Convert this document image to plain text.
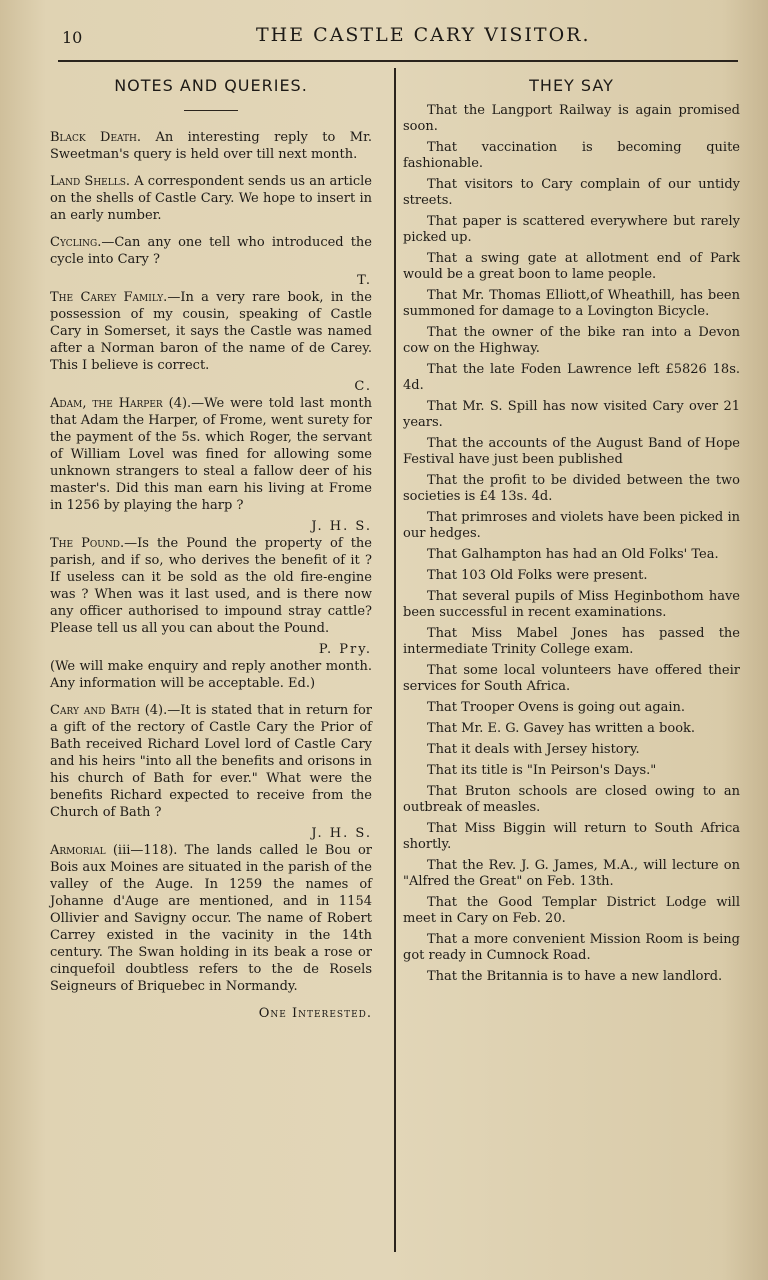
10	THE CASTLE CARY VISITOR.
NOTES AND QUERIES.

Black Death. An interesting reply to Mr. Sweetman's query is held over till next month.

Land Shells. A correspondent sends us an article on the shells of Castle Cary. We hope to insert in an early number.

Cycling.—Can any one tell who introduced the cycle into Cary ?

T.

The Carey Family.—In a very rare book, in the possession of my cousin, speaking of Castle Cary in Somerset, it says the Castle was named after a Norman baron of the name of de Carey. This I believe is correct.

C.

Adam, the Harper (4).—We were told last month that Adam the Harper, of Frome, went surety for the payment of the 5s. which Roger, the servant of William Lovel was fined for allowing some unknown strangers to steal a fallow deer of his master's. Did this man earn his living at Frome in 1256 by playing the harp ?

J. H. S.

The Pound.—Is the Pound the property of the parish, and if so, who derives the benefit of it ? If useless can it be sold as the old fire-engine was ? When was it last used, and is there now any officer authorised to impound stray cattle? Please tell us all you can about the Pound.

P. Pry.

(We will make enquiry and reply another month. Any information will be acceptable. Ed.)

Cary and Bath (4).—It is stated that in return for a gift of the rectory of Castle Cary the Prior of Bath received Richard Lovel lord of Castle Cary and his heirs "into all the benefits and orisons in his church of Bath for ever." What were the benefits Richard expected to receive from the Church of Bath ?

J. H. S.

Armorial (iii—118). The lands called le Bou or Bois aux Moines are situated in the parish of the valley of the Auge. In 1259 the names of Johanne d'Auge are mentioned, and in 1154 Ollivier and Savigny occur. The name of Robert Carrey existed in the vacinity in the 14th century. The Swan holding in its beak a rose or cinquefoil doubtless refers to the de Rosels Seigneurs of Briquebec in Normandy.

One Interested.

THEY SAY

That the Langport Railway is again promised soon.

That vaccination is becoming quite fashionable.

That visitors to Cary complain of our untidy streets.

That paper is scattered everywhere but rarely picked up.

That a swing gate at allotment end of Park would be a great boon to lame people.

That Mr. Thomas Elliott,of Wheathill, has been summoned for damage to a Lovington Bicycle.

That the owner of the bike ran into a Devon cow on the Highway.

That the late Foden Lawrence left £5826 18s. 4d.

That Mr. S. Spill has now visited Cary over 21 years.

That the accounts of the August Band of Hope Festival have just been published

That the profit to be divided between the two societies is £4 13s. 4d.

That primroses and violets have been picked in our hedges.

That Galhampton has had an Old Folks' Tea.

That 103 Old Folks were present.

That several pupils of Miss Heginbothom have been successful in recent examinations.

That Miss Mabel Jones has passed the intermediate Trinity College exam.

That some local volunteers have offered their services for South Africa.

That Trooper Ovens is going out again.

That Mr. E. G. Gavey has written a book.

That it deals with Jersey history.

That its title is "In Peirson's Days."

That Bruton schools are closed owing to an outbreak of measles.

That Miss Biggin will return to South Africa shortly.

That the Rev. J. G. James, M.A., will lecture on "Alfred the Great" on Feb. 13th.

That the Good Templar District Lodge will meet in Cary on Feb. 20.

That a more convenient Mission Room is being got ready in Cumnock Road.

That the Britannia is to have a new landlord.
